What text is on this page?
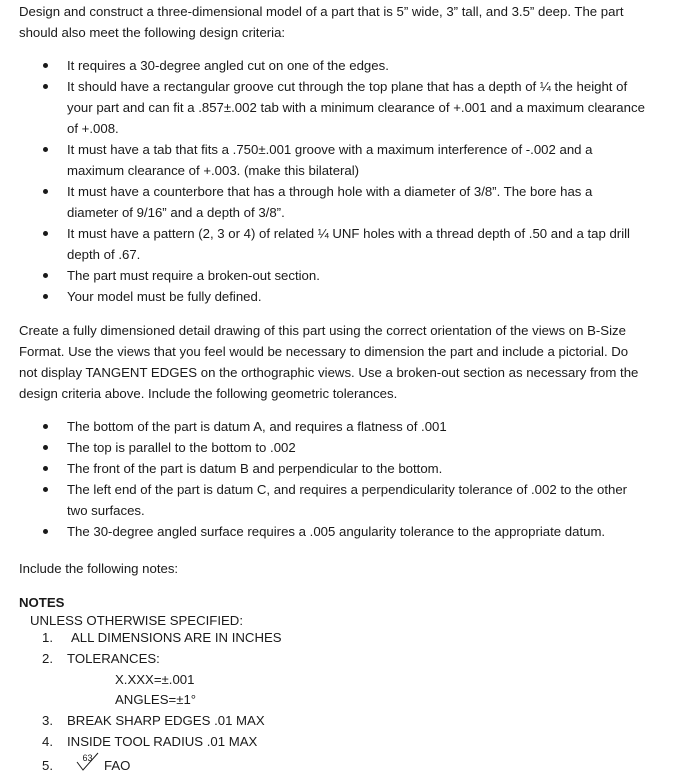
Design and construct a three-dimensional model of a part that is 5” wide, 3” tall, and 3.5” deep. The part should also meet the following design criteria:

It requires a 30-degree angled cut on one of the edges.
It should have a rectangular groove cut through the top plane that has a depth of ¼ the height of your part and can fit a .857±.002 tab with a minimum clearance of +.001 and a maximum clearance of +.008.
It must have a tab that fits a .750±.001 groove with a maximum interference of -.002 and a maximum clearance of +.003. (make this bilateral)
It must have a counterbore that has a through hole with a diameter of 3/8”. The bore has a diameter of 9/16” and a depth of 3/8”.
It must have a pattern (2, 3 or 4) of related ¼ UNF holes with a thread depth of .50 and a tap drill depth of .67.
The part must require a broken-out section.
Your model must be fully defined.

Create a fully dimensioned detail drawing of this part using the correct orientation of the views on B-Size Format. Use the views that you feel would be necessary to dimension the part and include a pictorial. Do not display TANGENT EDGES on the orthographic views. Use a broken-out section as necessary from the design criteria above. Include the following geometric tolerances.

The bottom of the part is datum A, and requires a flatness of .001
The top is parallel to the bottom to .002
The front of the part is datum B and perpendicular to the bottom.
The left end of the part is datum C, and requires a perpendicularity tolerance of .002 to the other two surfaces.
The 30-degree angled surface requires a .005 angularity tolerance to the appropriate datum.

Include the following notes:

NOTES
UNLESS OTHERWISE SPECIFIED:
1. ALL DIMENSIONS ARE IN INCHES
2. TOLERANCES:
3. BREAK SHARP EDGES .01 MAX
4. INSIDE TOOL RADIUS .01 MAX
5.	FAO
X.XXX=±.001
ANGLES=±1°
63
